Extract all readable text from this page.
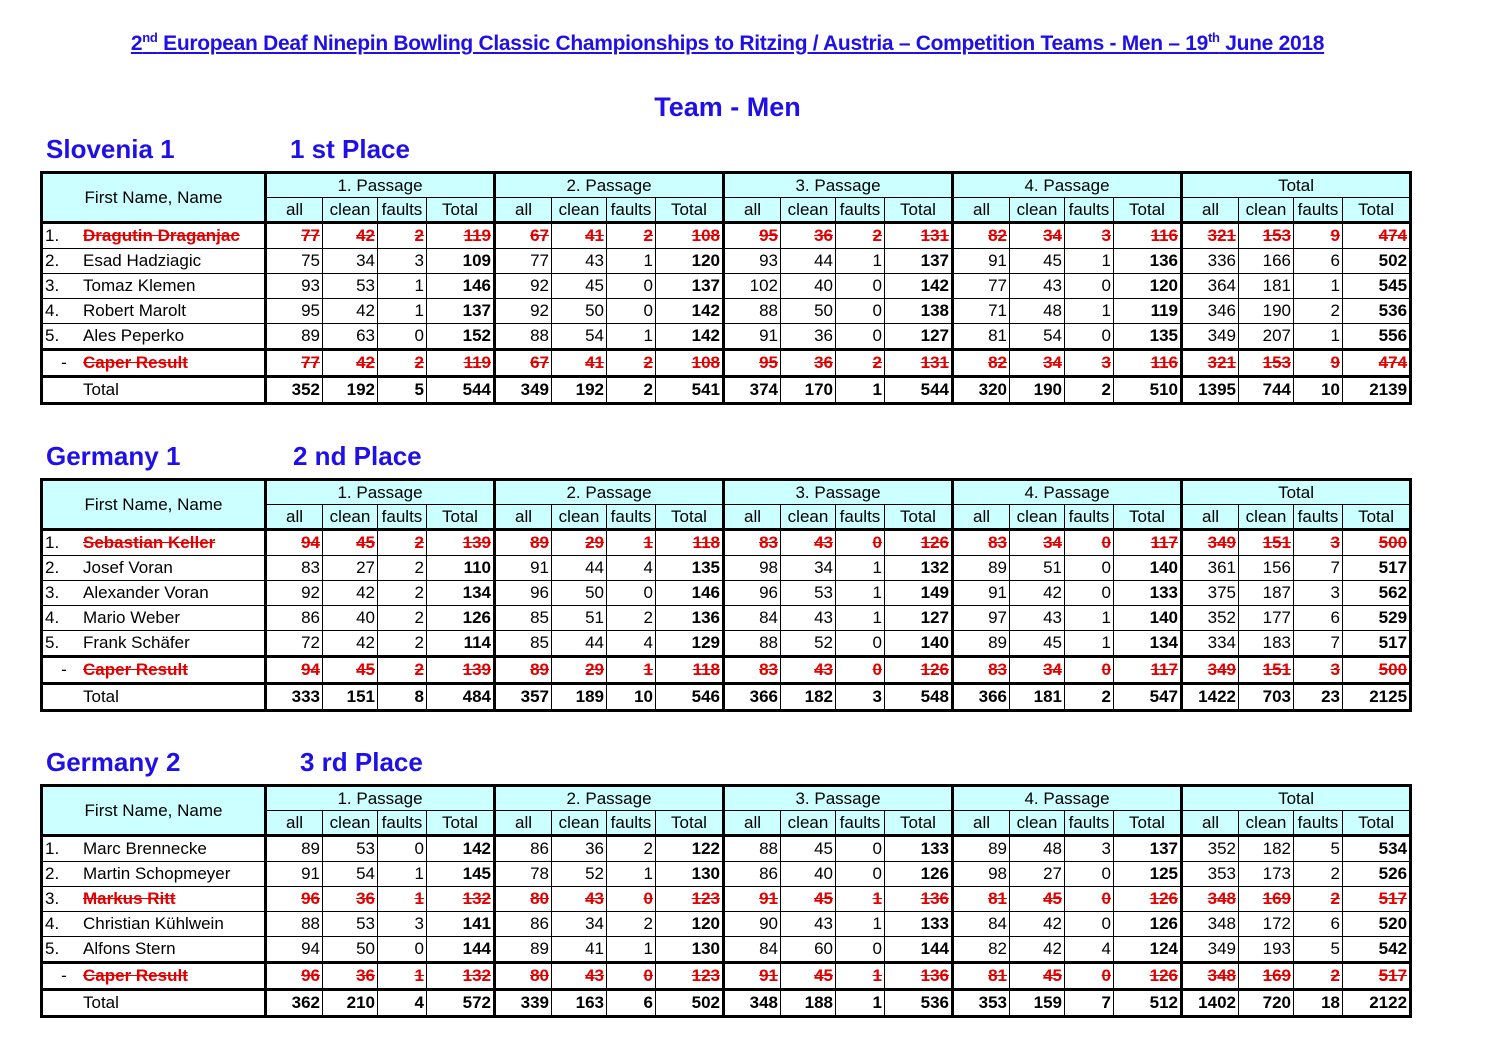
2nd European Deaf Ninepin Bowling Classic Championships to Ritzing / Austria – Competition Teams - Men – 19th June 2018
Team - Men
Slovenia 1	1 st Place
First Name, Name	1. Passage				2. Passage				3. Passage				4. Passage				Total			
	all	clean	faults	Total	all	clean	faults	Total	all	clean	faults	Total	all	clean	faults	Total	all	clean	faults	Total
1. Dragutin Draganjac	77	42	2	119	67	41	2	108	95	36	2	131	82	34	3	116	321	153	9	474
2. Esad Hadziagic	75	34	3	109	77	43	1	120	93	44	1	137	91	45	1	136	336	166	6	502
3. Tomaz Klemen	93	53	1	146	92	45	0	137	102	40	0	142	77	43	0	120	364	181	1	545
4. Robert Marolt	95	42	1	137	92	50	0	142	88	50	0	138	71	48	1	119	346	190	2	536
5. Ales Peperko	89	63	0	152	88	54	1	142	91	36	0	127	81	54	0	135	349	207	1	556
- Caper Result	77	42	2	119	67	41	2	108	95	36	2	131	82	34	3	116	321	153	9	474
Total	352	192	5	544	349	192	2	541	374	170	1	544	320	190	2	510	1395	744	10	2139
Germany 1	2 nd Place
First Name, Name	1. Passage				2. Passage				3. Passage				4. Passage				Total			
	all	clean	faults	Total	all	clean	faults	Total	all	clean	faults	Total	all	clean	faults	Total	all	clean	faults	Total
1. Sebastian Keller	94	45	2	139	89	29	1	118	83	43	0	126	83	34	0	117	349	151	3	500
2. Josef Voran	83	27	2	110	91	44	4	135	98	34	1	132	89	51	0	140	361	156	7	517
3. Alexander Voran	92	42	2	134	96	50	0	146	96	53	1	149	91	42	0	133	375	187	3	562
4. Mario Weber	86	40	2	126	85	51	2	136	84	43	1	127	97	43	1	140	352	177	6	529
5. Frank Schäfer	72	42	2	114	85	44	4	129	88	52	0	140	89	45	1	134	334	183	7	517
- Caper Result	94	45	2	139	89	29	1	118	83	43	0	126	83	34	0	117	349	151	3	500
Total	333	151	8	484	357	189	10	546	366	182	3	548	366	181	2	547	1422	703	23	2125
Germany 2	3 rd Place
First Name, Name	1. Passage				2. Passage				3. Passage				4. Passage				Total			
	all	clean	faults	Total	all	clean	faults	Total	all	clean	faults	Total	all	clean	faults	Total	all	clean	faults	Total
1. Marc Brennecke	89	53	0	142	86	36	2	122	88	45	0	133	89	48	3	137	352	182	5	534
2. Martin Schopmeyer	91	54	1	145	78	52	1	130	86	40	0	126	98	27	0	125	353	173	2	526
3. Markus Ritt	96	36	1	132	80	43	0	123	91	45	1	136	81	45	0	126	348	169	2	517
4. Christian Kühlwein	88	53	3	141	86	34	2	120	90	43	1	133	84	42	0	126	348	172	6	520
5. Alfons Stern	94	50	0	144	89	41	1	130	84	60	0	144	82	42	4	124	349	193	5	542
- Caper Result	96	36	1	132	80	43	0	123	91	45	1	136	81	45	0	126	348	169	2	517
Total	362	210	4	572	339	163	6	502	348	188	1	536	353	159	7	512	1402	720	18	2122
